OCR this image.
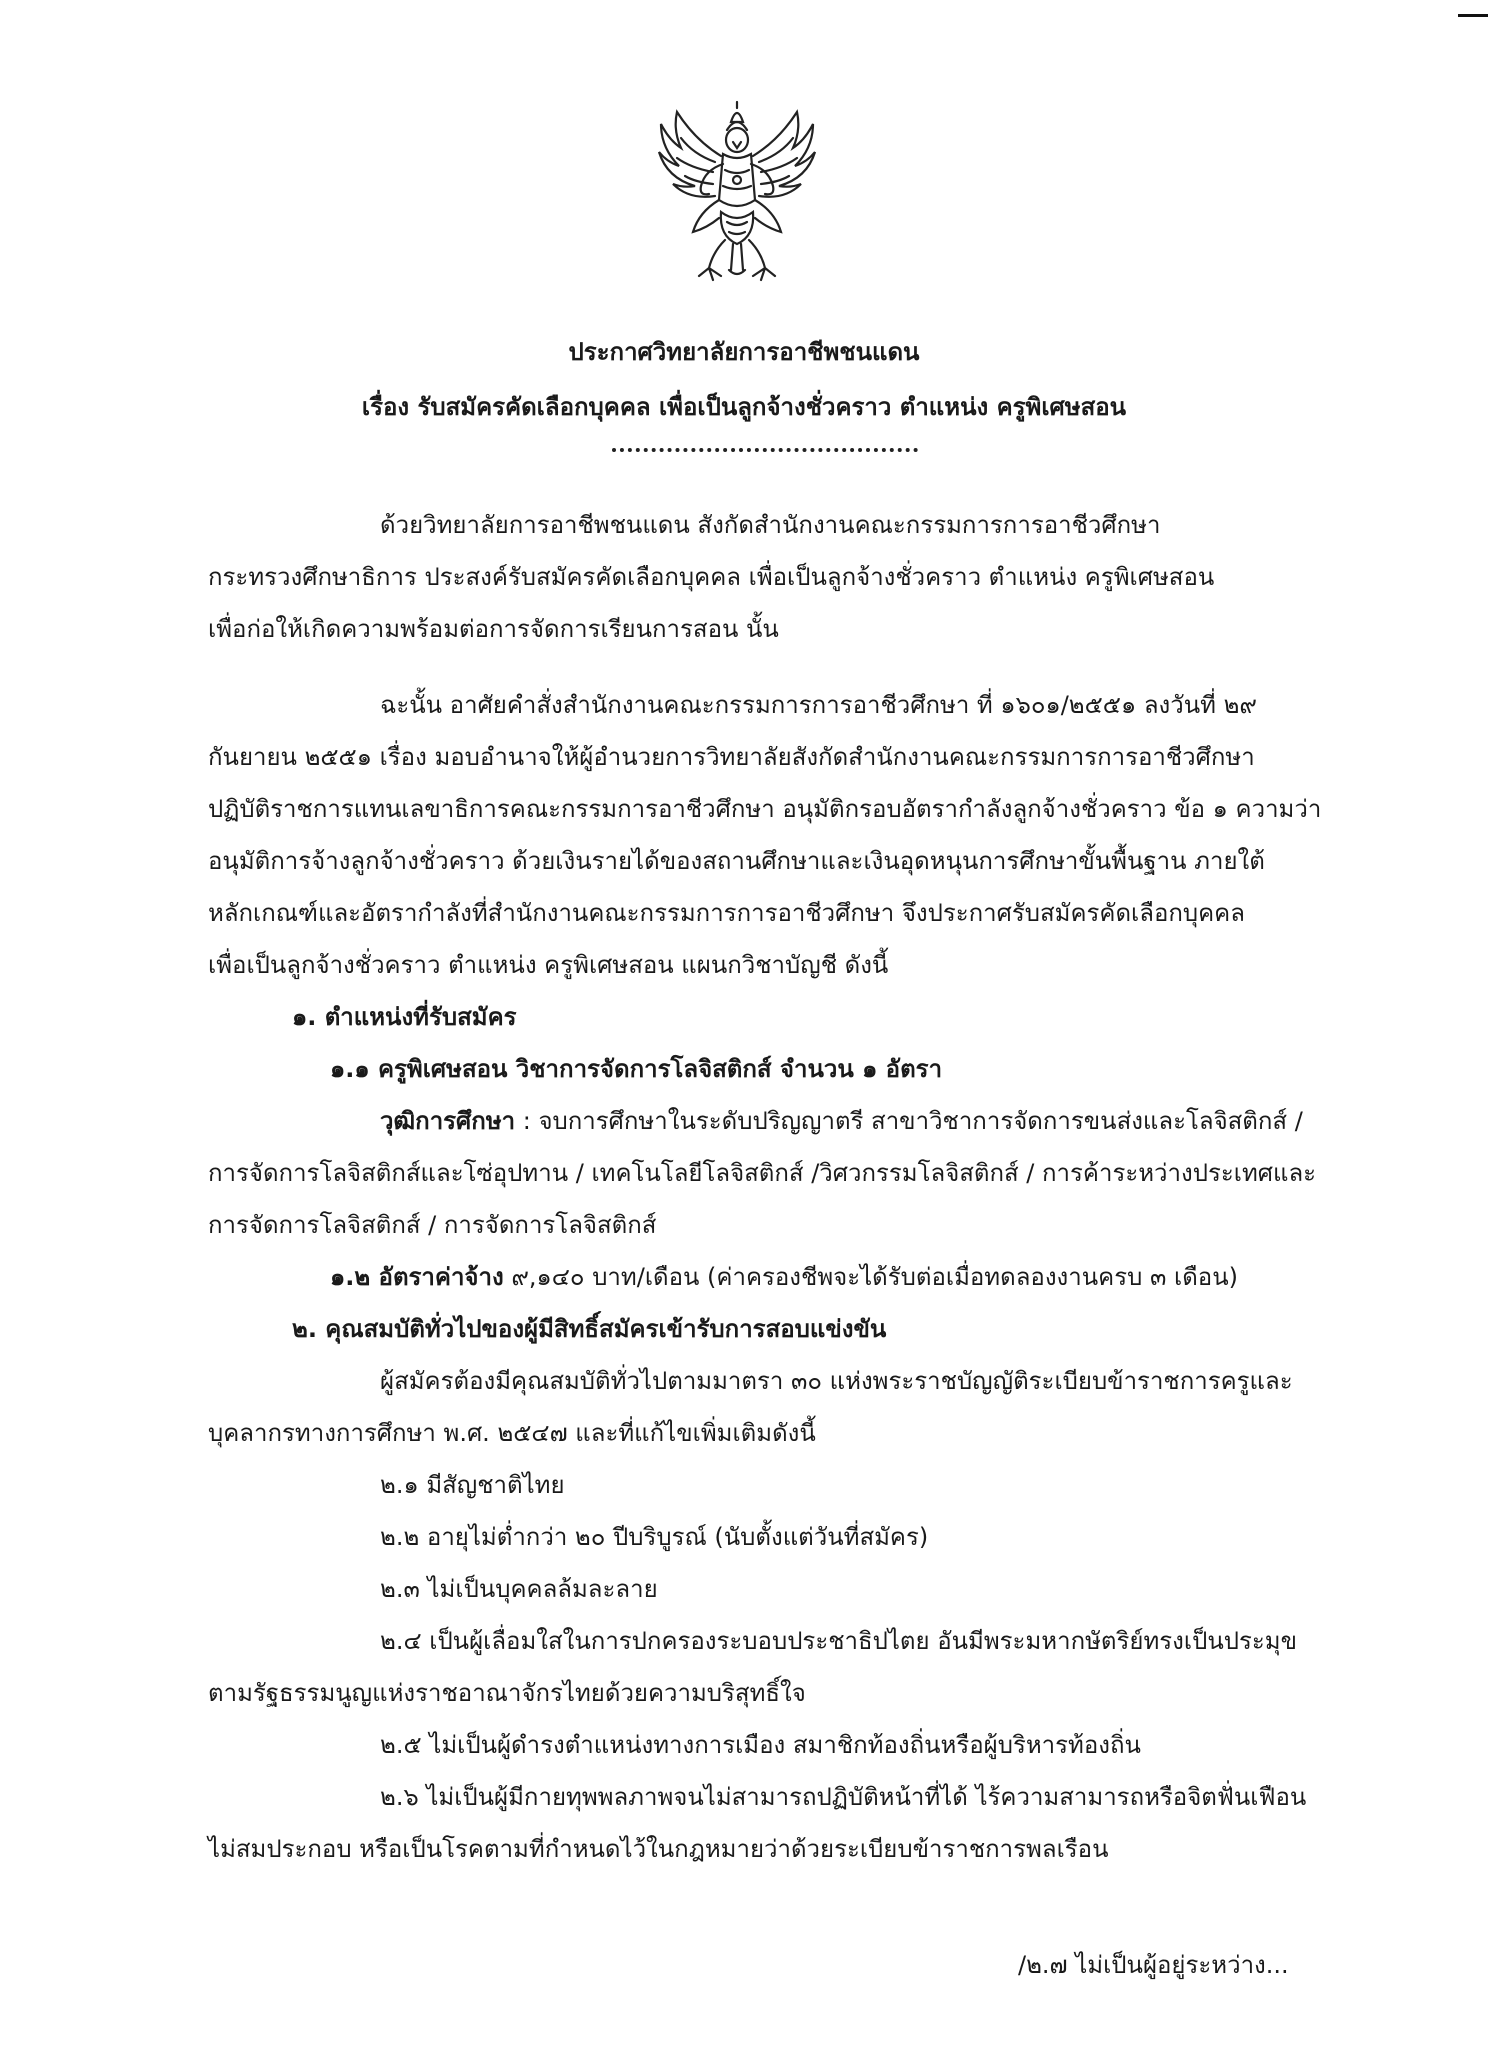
ประกาศวิทยาลัยการอาชีพชนแดน
เรื่อง รับสมัครคัดเลือกบุคคล เพื่อเป็นลูกจ้างชั่วคราว ตำแหน่ง ครูพิเศษสอน
ด้วยวิทยาลัยการอาชีพชนแดน สังกัดสำนักงานคณะกรรมการการอาชีวศึกษา
กระทรวงศึกษาธิการ ประสงค์รับสมัครคัดเลือกบุคคล เพื่อเป็นลูกจ้างชั่วคราว ตำแหน่ง ครูพิเศษสอน
เพื่อก่อให้เกิดความพร้อมต่อการจัดการเรียนการสอน นั้น
ฉะนั้น อาศัยคำสั่งสำนักงานคณะกรรมการการอาชีวศึกษา ที่ ๑๖๐๑/๒๕๕๑ ลงวันที่ ๒๙
กันยายน ๒๕๕๑ เรื่อง มอบอำนาจให้ผู้อำนวยการวิทยาลัยสังกัดสำนักงานคณะกรรมการการอาชีวศึกษา
ปฏิบัติราชการแทนเลขาธิการคณะกรรมการอาชีวศึกษา อนุมัติกรอบอัตรากำลังลูกจ้างชั่วคราว ข้อ ๑ ความว่า
อนุมัติการจ้างลูกจ้างชั่วคราว ด้วยเงินรายได้ของสถานศึกษาและเงินอุดหนุนการศึกษาขั้นพื้นฐาน ภายใต้
หลักเกณฑ์และอัตรากำลังที่สำนักงานคณะกรรมการการอาชีวศึกษา จึงประกาศรับสมัครคัดเลือกบุคคล
เพื่อเป็นลูกจ้างชั่วคราว ตำแหน่ง ครูพิเศษสอน แผนกวิชาบัญชี ดังนี้
๑. ตำแหน่งที่รับสมัคร
๑.๑ ครูพิเศษสอน วิชาการจัดการโลจิสติกส์ จำนวน ๑ อัตรา
วุฒิการศึกษา : จบการศึกษาในระดับปริญญาตรี สาขาวิชาการจัดการขนส่งและโลจิสติกส์ /
การจัดการโลจิสติกส์และโซ่อุปทาน / เทคโนโลยีโลจิสติกส์ /วิศวกรรมโลจิสติกส์ / การค้าระหว่างประเทศและ
การจัดการโลจิสติกส์ / การจัดการโลจิสติกส์
๑.๒ อัตราค่าจ้าง ๙,๑๔๐ บาท/เดือน (ค่าครองชีพจะได้รับต่อเมื่อทดลองงานครบ ๓ เดือน)
๒. คุณสมบัติทั่วไปของผู้มีสิทธิ์สมัครเข้ารับการสอบแข่งขัน
ผู้สมัครต้องมีคุณสมบัติทั่วไปตามมาตรา ๓๐ แห่งพระราชบัญญัติระเบียบข้าราชการครูและ
บุคลากรทางการศึกษา พ.ศ. ๒๕๔๗ และที่แก้ไขเพิ่มเติมดังนี้
๒.๑ มีสัญชาติไทย
๒.๒ อายุไม่ต่ำกว่า ๒๐ ปีบริบูรณ์ (นับตั้งแต่วันที่สมัคร)
๒.๓ ไม่เป็นบุคคลล้มละลาย
๒.๔ เป็นผู้เลื่อมใสในการปกครองระบอบประชาธิปไตย อันมีพระมหากษัตริย์ทรงเป็นประมุข
ตามรัฐธรรมนูญแห่งราชอาณาจักรไทยด้วยความบริสุทธิ์ใจ
๒.๕ ไม่เป็นผู้ดำรงตำแหน่งทางการเมือง สมาชิกท้องถิ่นหรือผู้บริหารท้องถิ่น
๒.๖ ไม่เป็นผู้มีกายทุพพลภาพจนไม่สามารถปฏิบัติหน้าที่ได้ ไร้ความสามารถหรือจิตฟั่นเฟือน
ไม่สมประกอบ หรือเป็นโรคตามที่กำหนดไว้ในกฎหมายว่าด้วยระเบียบข้าราชการพลเรือน
/๒.๗ ไม่เป็นผู้อยู่ระหว่าง...
